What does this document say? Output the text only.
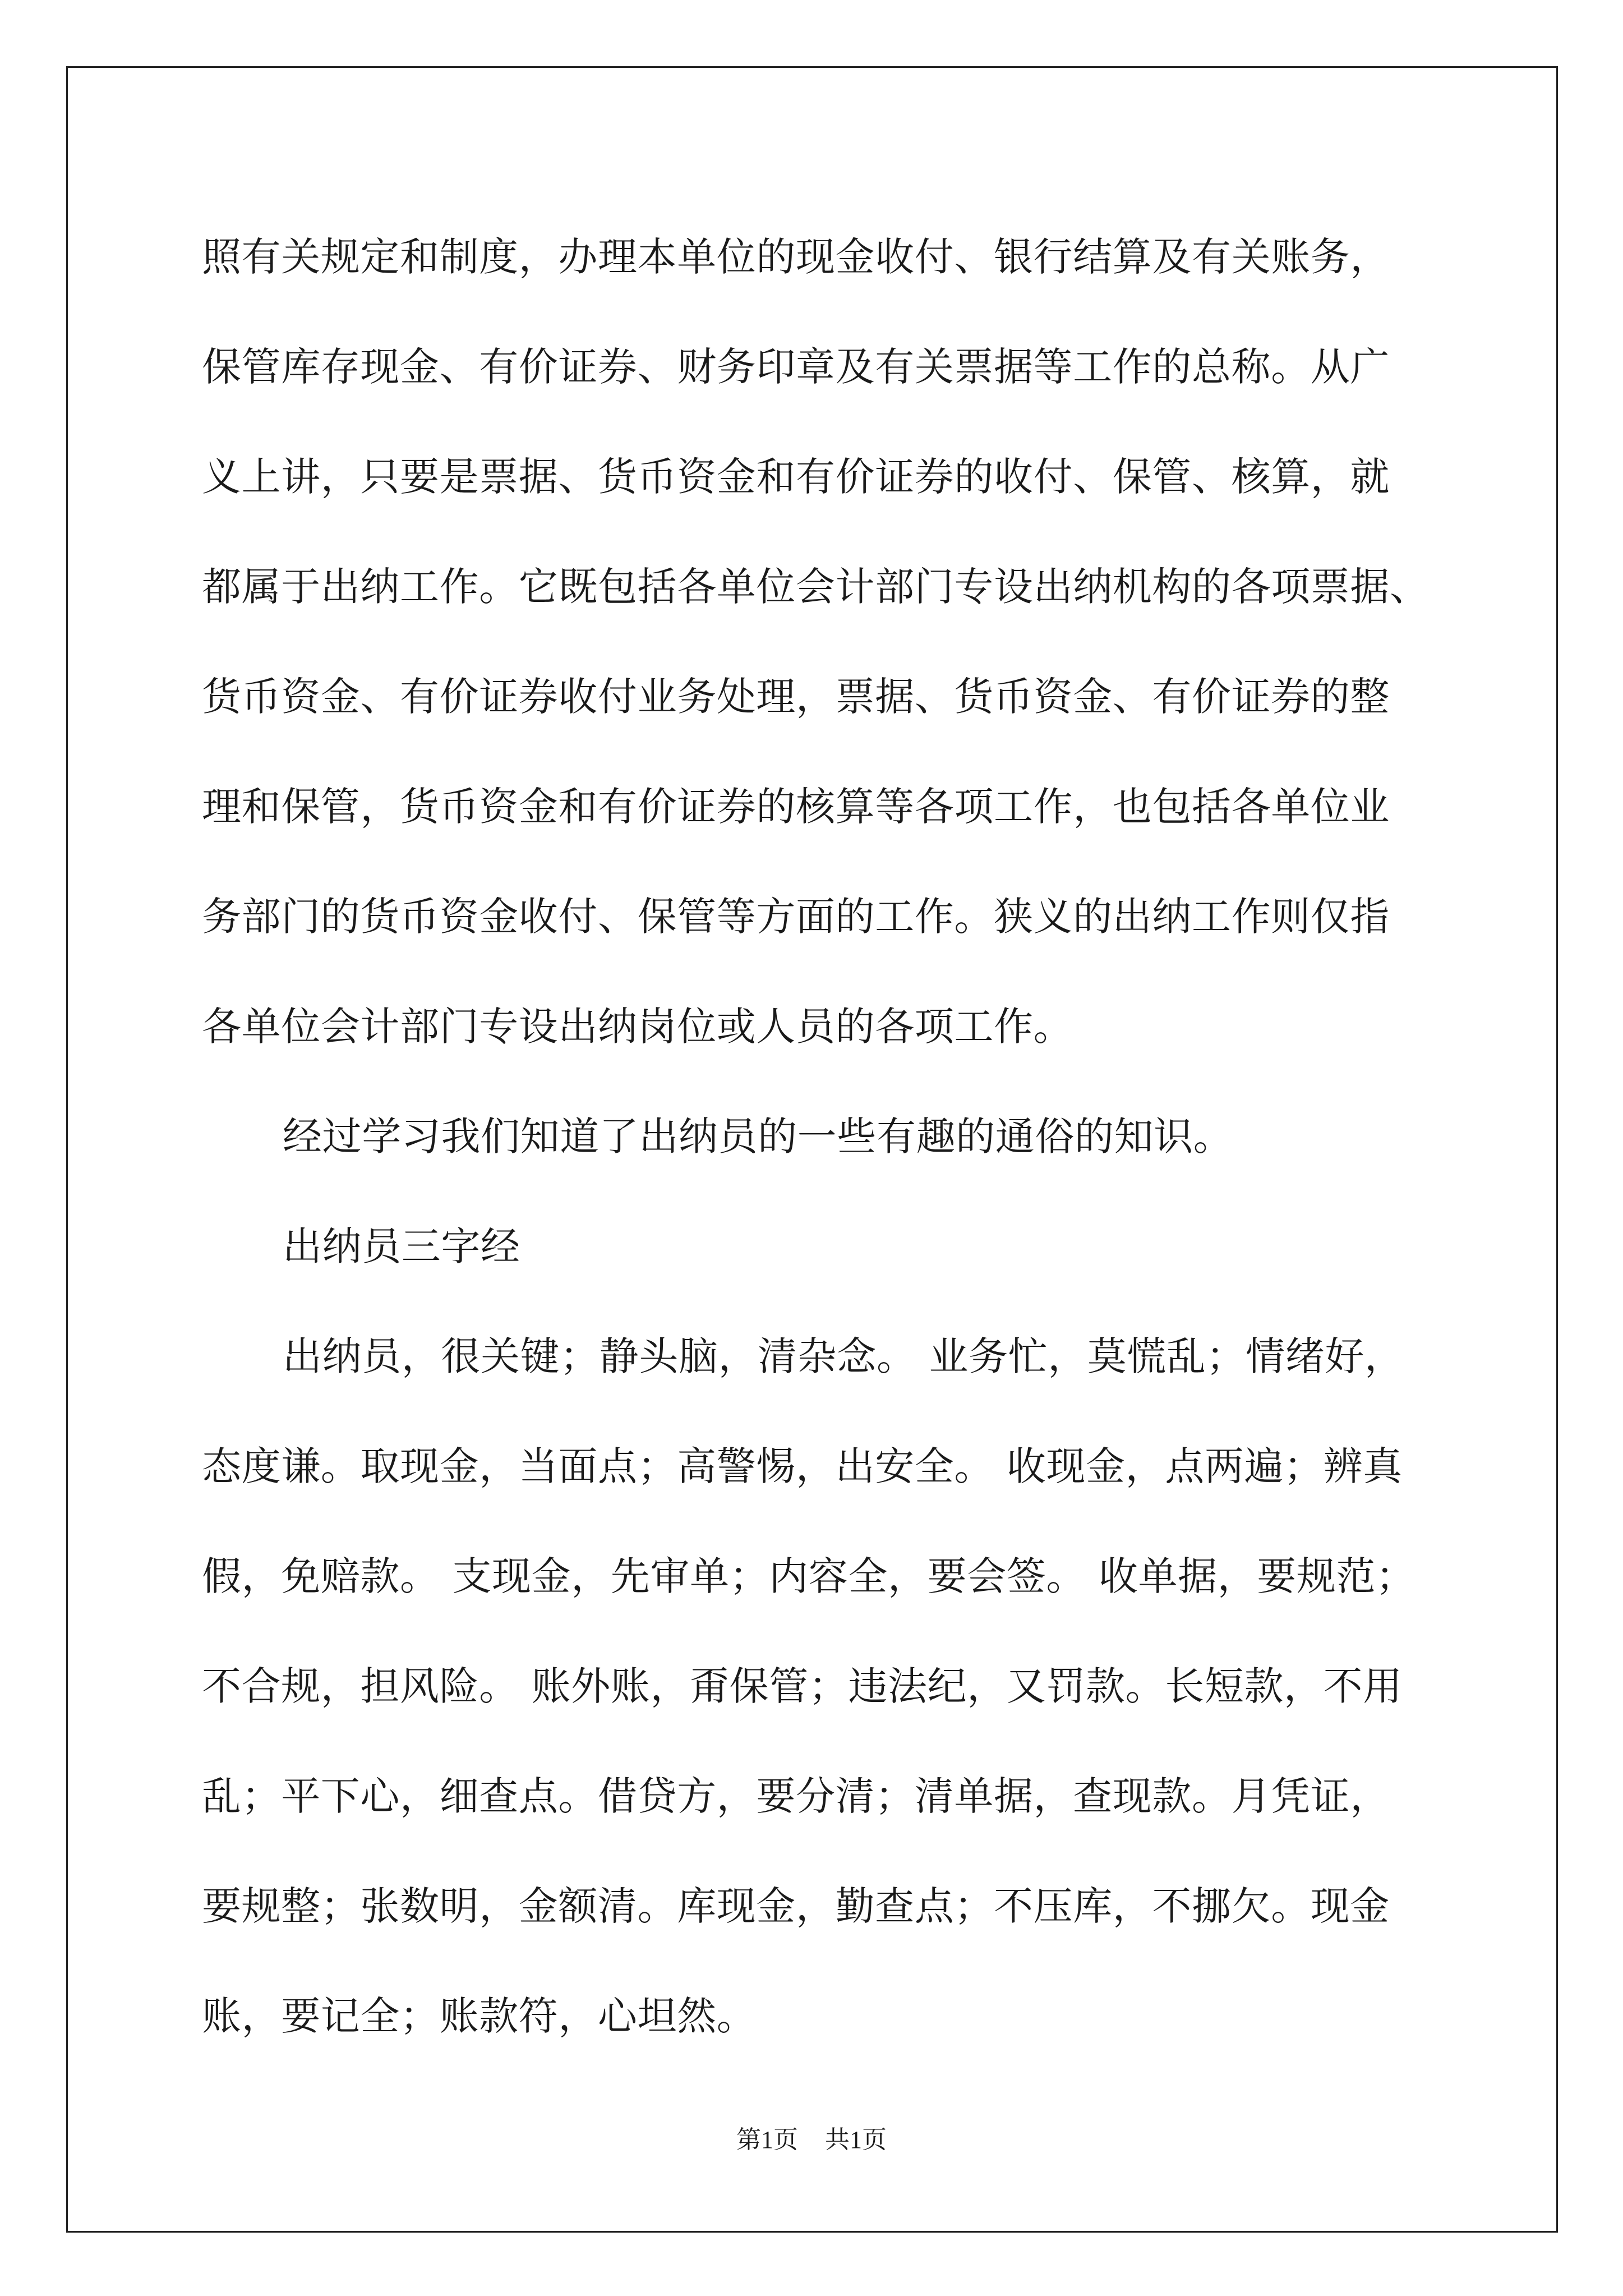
照有关规定和制度，办理本单位的现金收付、银行结算及有关账务，
保管库存现金、有价证券、财务印章及有关票据等工作的总称。从广
义上讲，只要是票据、货币资金和有价证券的收付、保管、核算，就
都属于出纳工作。它既包括各单位会计部门专设出纳机构的各项票据、
货币资金、有价证券收付业务处理，票据、货币资金、有价证券的整
理和保管，货币资金和有价证券的核算等各项工作，也包括各单位业
务部门的货币资金收付、保管等方面的工作。狭义的出纳工作则仅指
各单位会计部门专设出纳岗位或人员的各项工作。
经过学习我们知道了出纳员的一些有趣的通俗的知识。
出纳员三字经
出纳员，很关键；静头脑，清杂念。 业务忙，莫慌乱；情绪好，
态度谦。取现金，当面点；高警惕，出安全。 收现金，点两遍；辨真
假，免赔款。 支现金，先审单；内容全，要会签。 收单据，要规范；
不合规，担风险。 账外账，甭保管；违法纪，又罚款。长短款，不用
乱；平下心，细查点。借贷方，要分清；清单据，查现款。月凭证，
要规整；张数明，金额清。库现金，勤查点；不压库，不挪欠。现金
账，要记全；账款符，心坦然。
第1页 共1页
